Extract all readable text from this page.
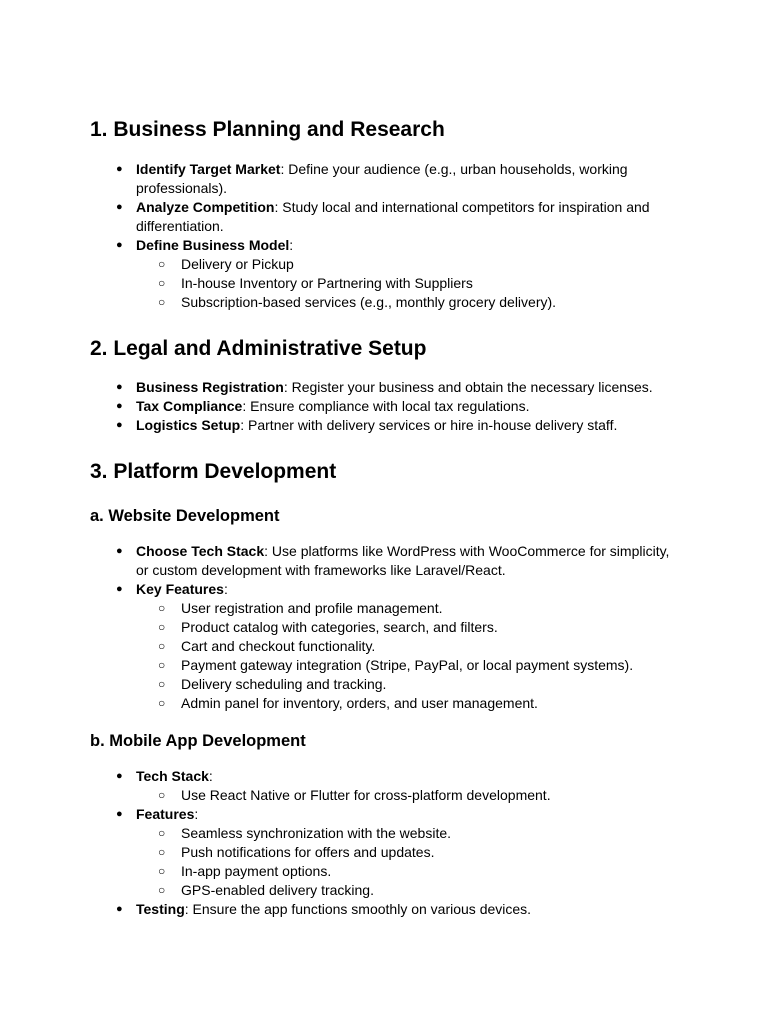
1. Business Planning and Research
● Identify Target Market: Define your audience (e.g., urban households, working professionals).
● Analyze Competition: Study local and international competitors for inspiration and differentiation.
● Define Business Model:
○ Delivery or Pickup
○ In-house Inventory or Partnering with Suppliers
○ Subscription-based services (e.g., monthly grocery delivery).
2. Legal and Administrative Setup
● Business Registration: Register your business and obtain the necessary licenses.
● Tax Compliance: Ensure compliance with local tax regulations.
● Logistics Setup: Partner with delivery services or hire in-house delivery staff.
3. Platform Development
a. Website Development
● Choose Tech Stack: Use platforms like WordPress with WooCommerce for simplicity, or custom development with frameworks like Laravel/React.
● Key Features:
○ User registration and profile management.
○ Product catalog with categories, search, and filters.
○ Cart and checkout functionality.
○ Payment gateway integration (Stripe, PayPal, or local payment systems).
○ Delivery scheduling and tracking.
○ Admin panel for inventory, orders, and user management.
b. Mobile App Development
● Tech Stack:
○ Use React Native or Flutter for cross-platform development.
● Features:
○ Seamless synchronization with the website.
○ Push notifications for offers and updates.
○ In-app payment options.
○ GPS-enabled delivery tracking.
● Testing: Ensure the app functions smoothly on various devices.
